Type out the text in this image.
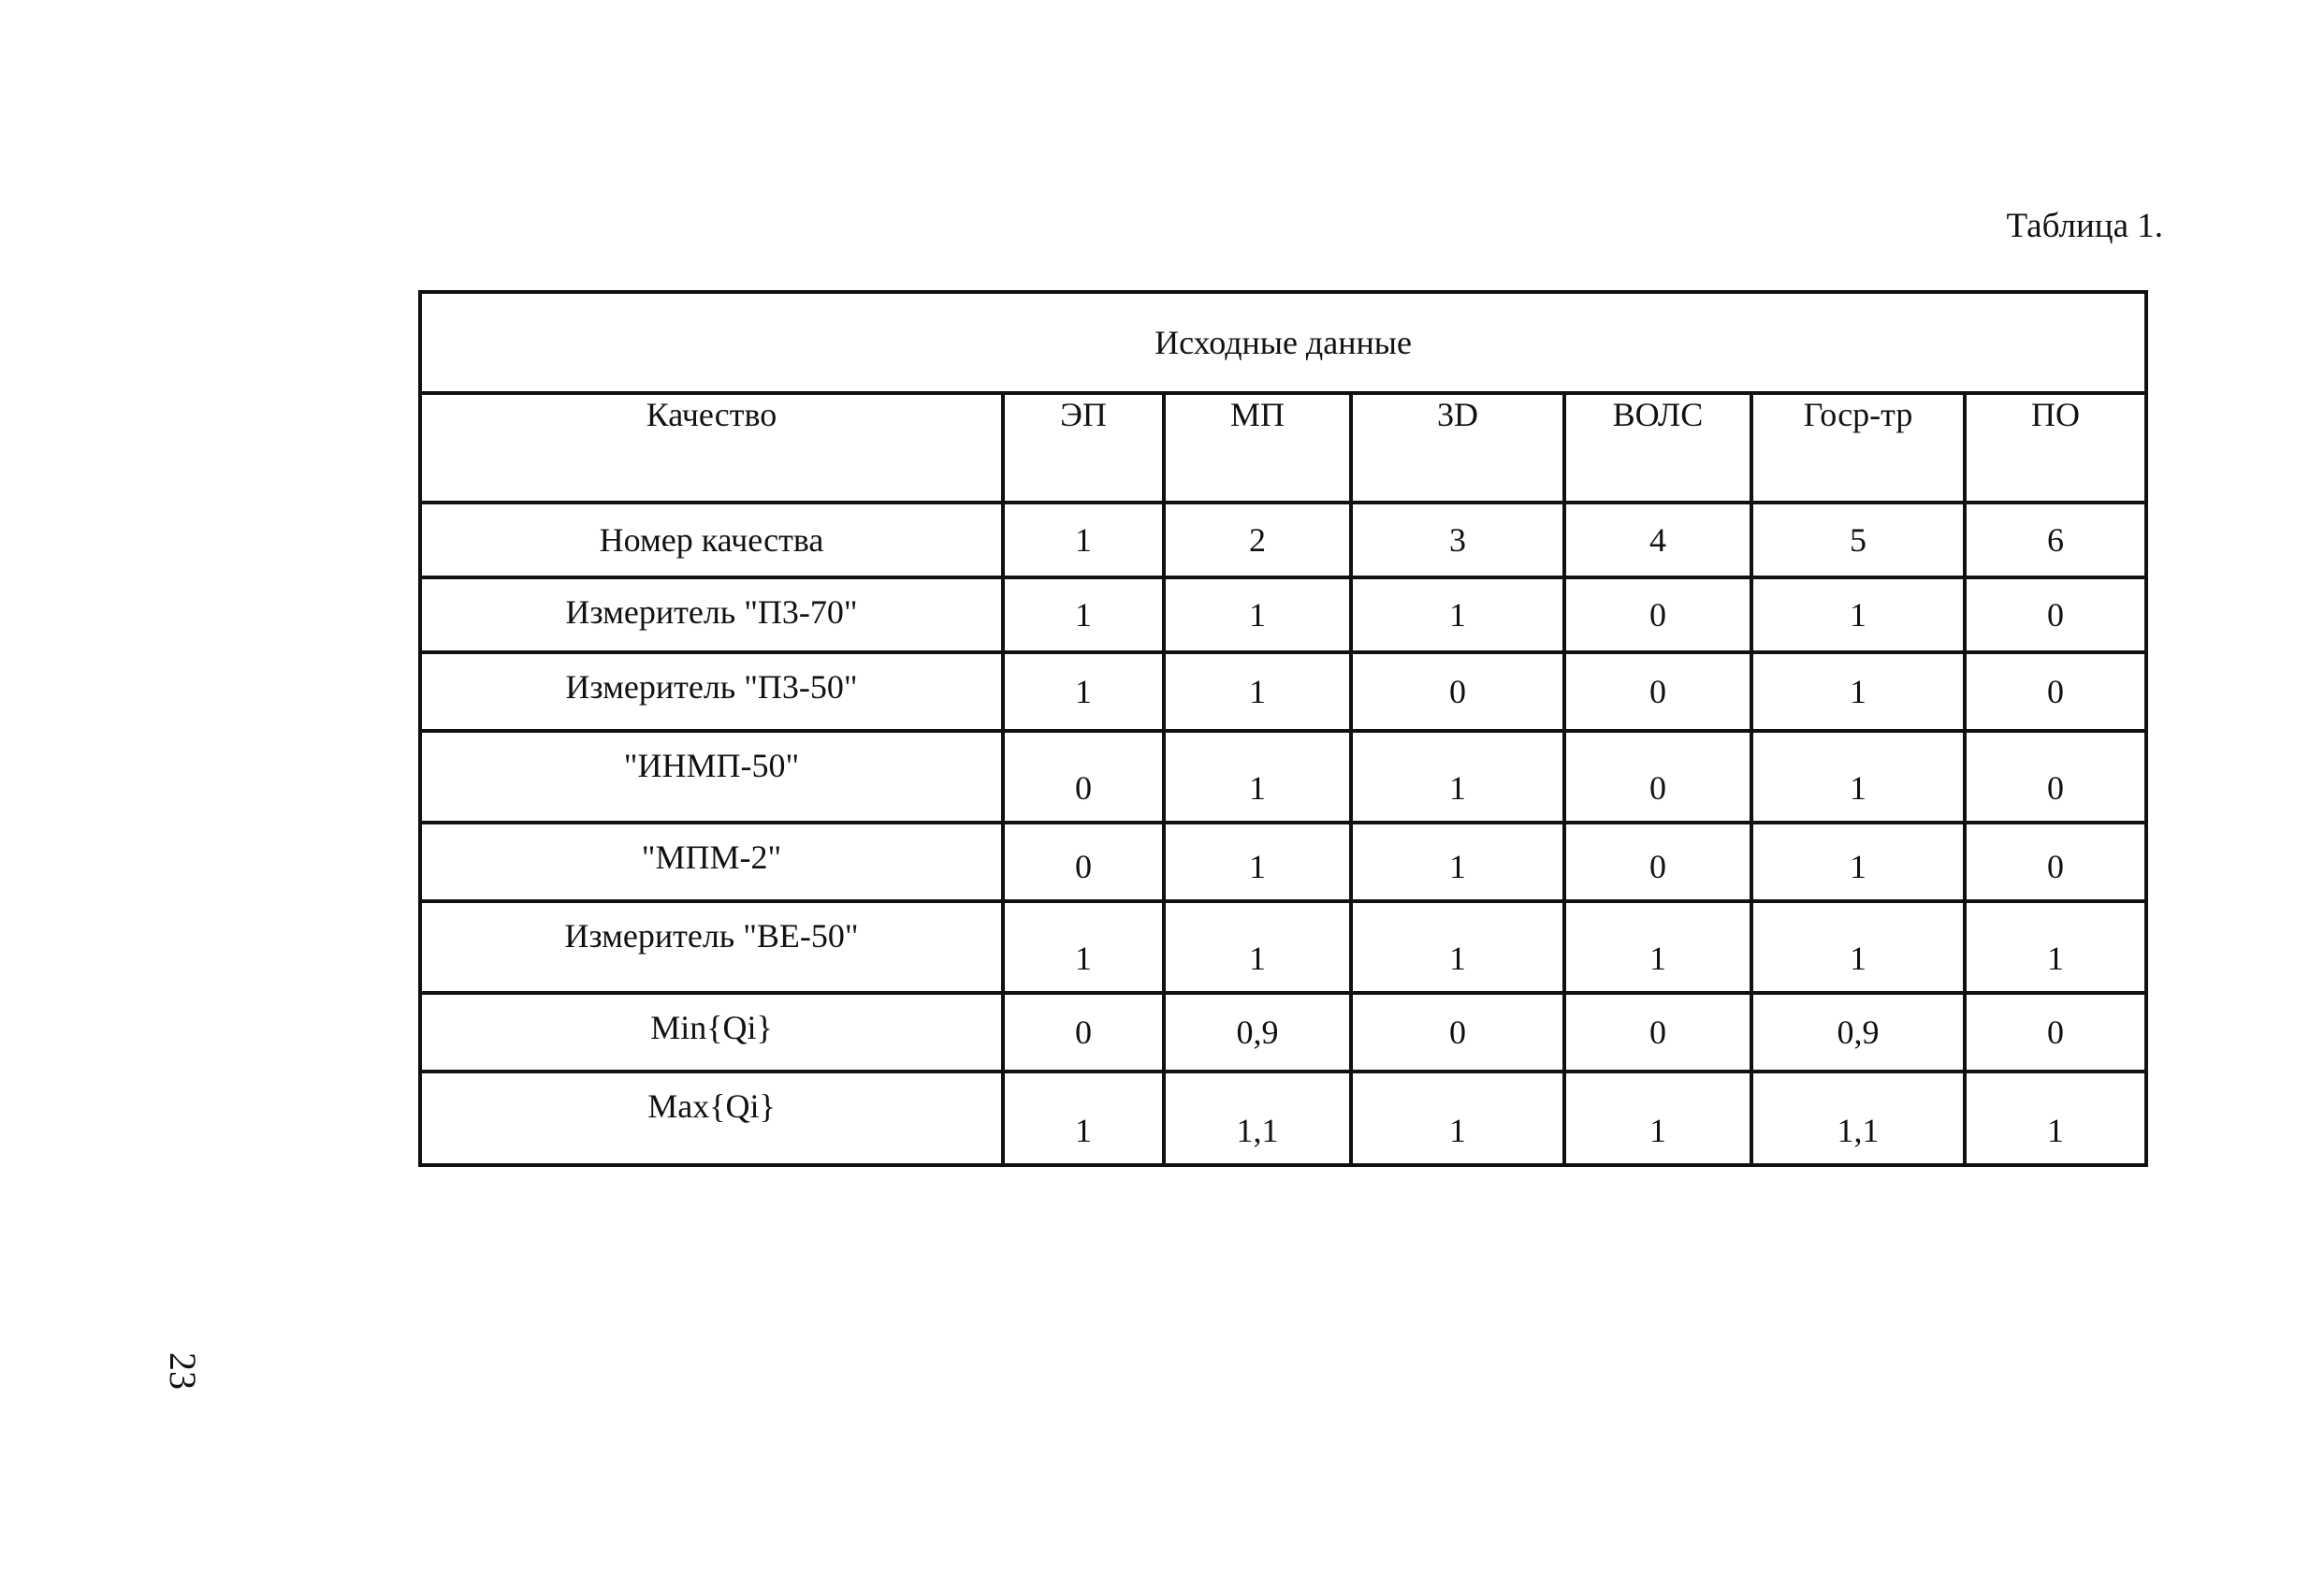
Таблица 1.
Исходные данные						
Качество	ЭП	МП	3D	ВОЛС	Госр-тр	ПО
Номер качества	1	2	3	4	5	6
Измеритель "П3-70"	1	1	1	0	1	0
Измеритель "П3-50"	1	1	0	0	1	0
"ИНМП-50"	0	1	1	0	1	0
"МПМ-2"	0	1	1	0	1	0
Измеритель "BE-50"	1	1	1	1	1	1
Min{Qi}	0	0,9	0	0	0,9	0
Max{Qi}	1	1,1	1	1	1,1	1
23
